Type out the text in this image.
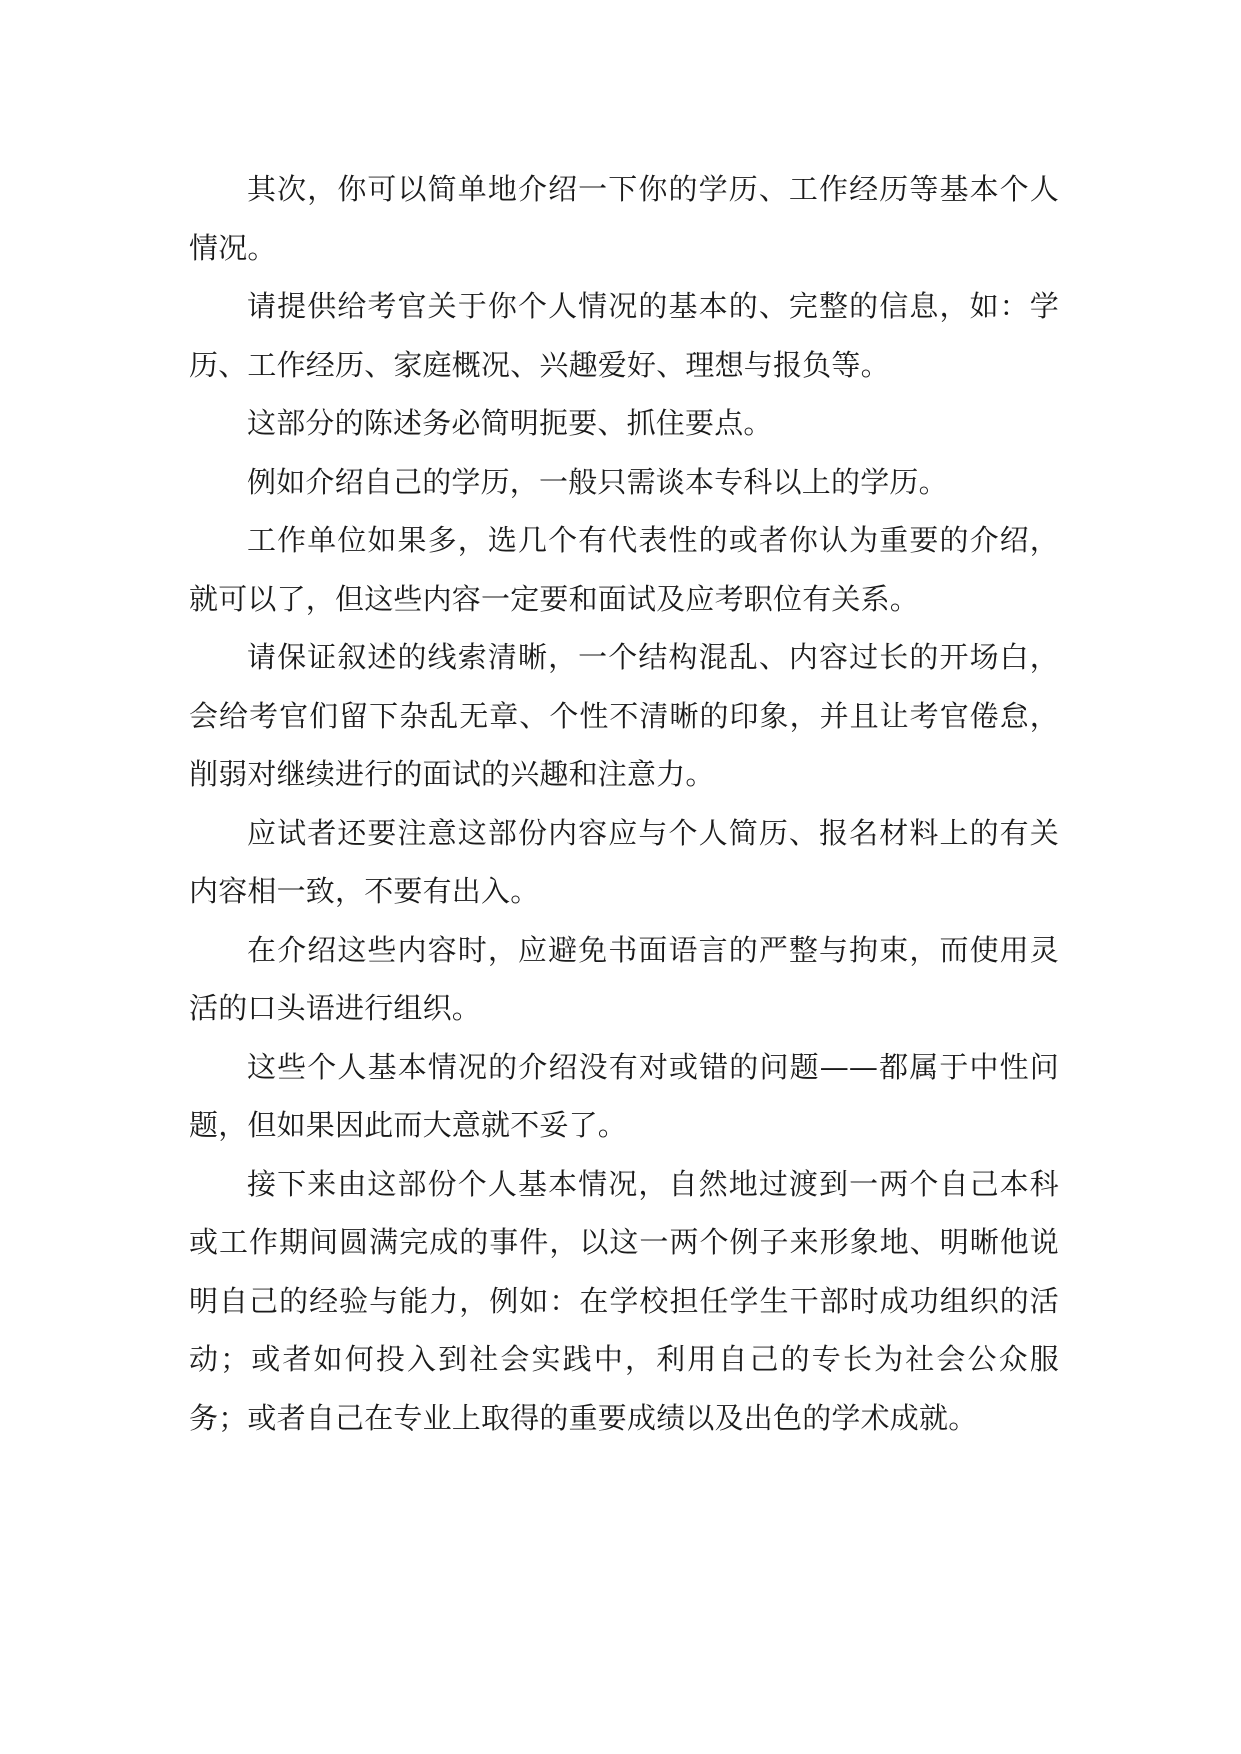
其次，你可以简单地介绍一下你的学历、工作经历等基本个人情况。

请提供给考官关于你个人情况的基本的、完整的信息，如：学历、工作经历、家庭概况、兴趣爱好、理想与报负等。

这部分的陈述务必简明扼要、抓住要点。

例如介绍自己的学历，一般只需谈本专科以上的学历。

工作单位如果多，选几个有代表性的或者你认为重要的介绍，就可以了，但这些内容一定要和面试及应考职位有关系。

请保证叙述的线索清晰，一个结构混乱、内容过长的开场白，会给考官们留下杂乱无章、个性不清晰的印象，并且让考官倦怠，削弱对继续进行的面试的兴趣和注意力。

应试者还要注意这部份内容应与个人简历、报名材料上的有关内容相一致，不要有出入。

在介绍这些内容时，应避免书面语言的严整与拘束，而使用灵活的口头语进行组织。

这些个人基本情况的介绍没有对或错的问题——都属于中性问题，但如果因此而大意就不妥了。

接下来由这部份个人基本情况，自然地过渡到一两个自己本科或工作期间圆满完成的事件，以这一两个例子来形象地、明晰他说明自己的经验与能力，例如：在学校担任学生干部时成功组织的活动；或者如何投入到社会实践中，利用自己的专长为社会公众服务；或者自己在专业上取得的重要成绩以及出色的学术成就。
